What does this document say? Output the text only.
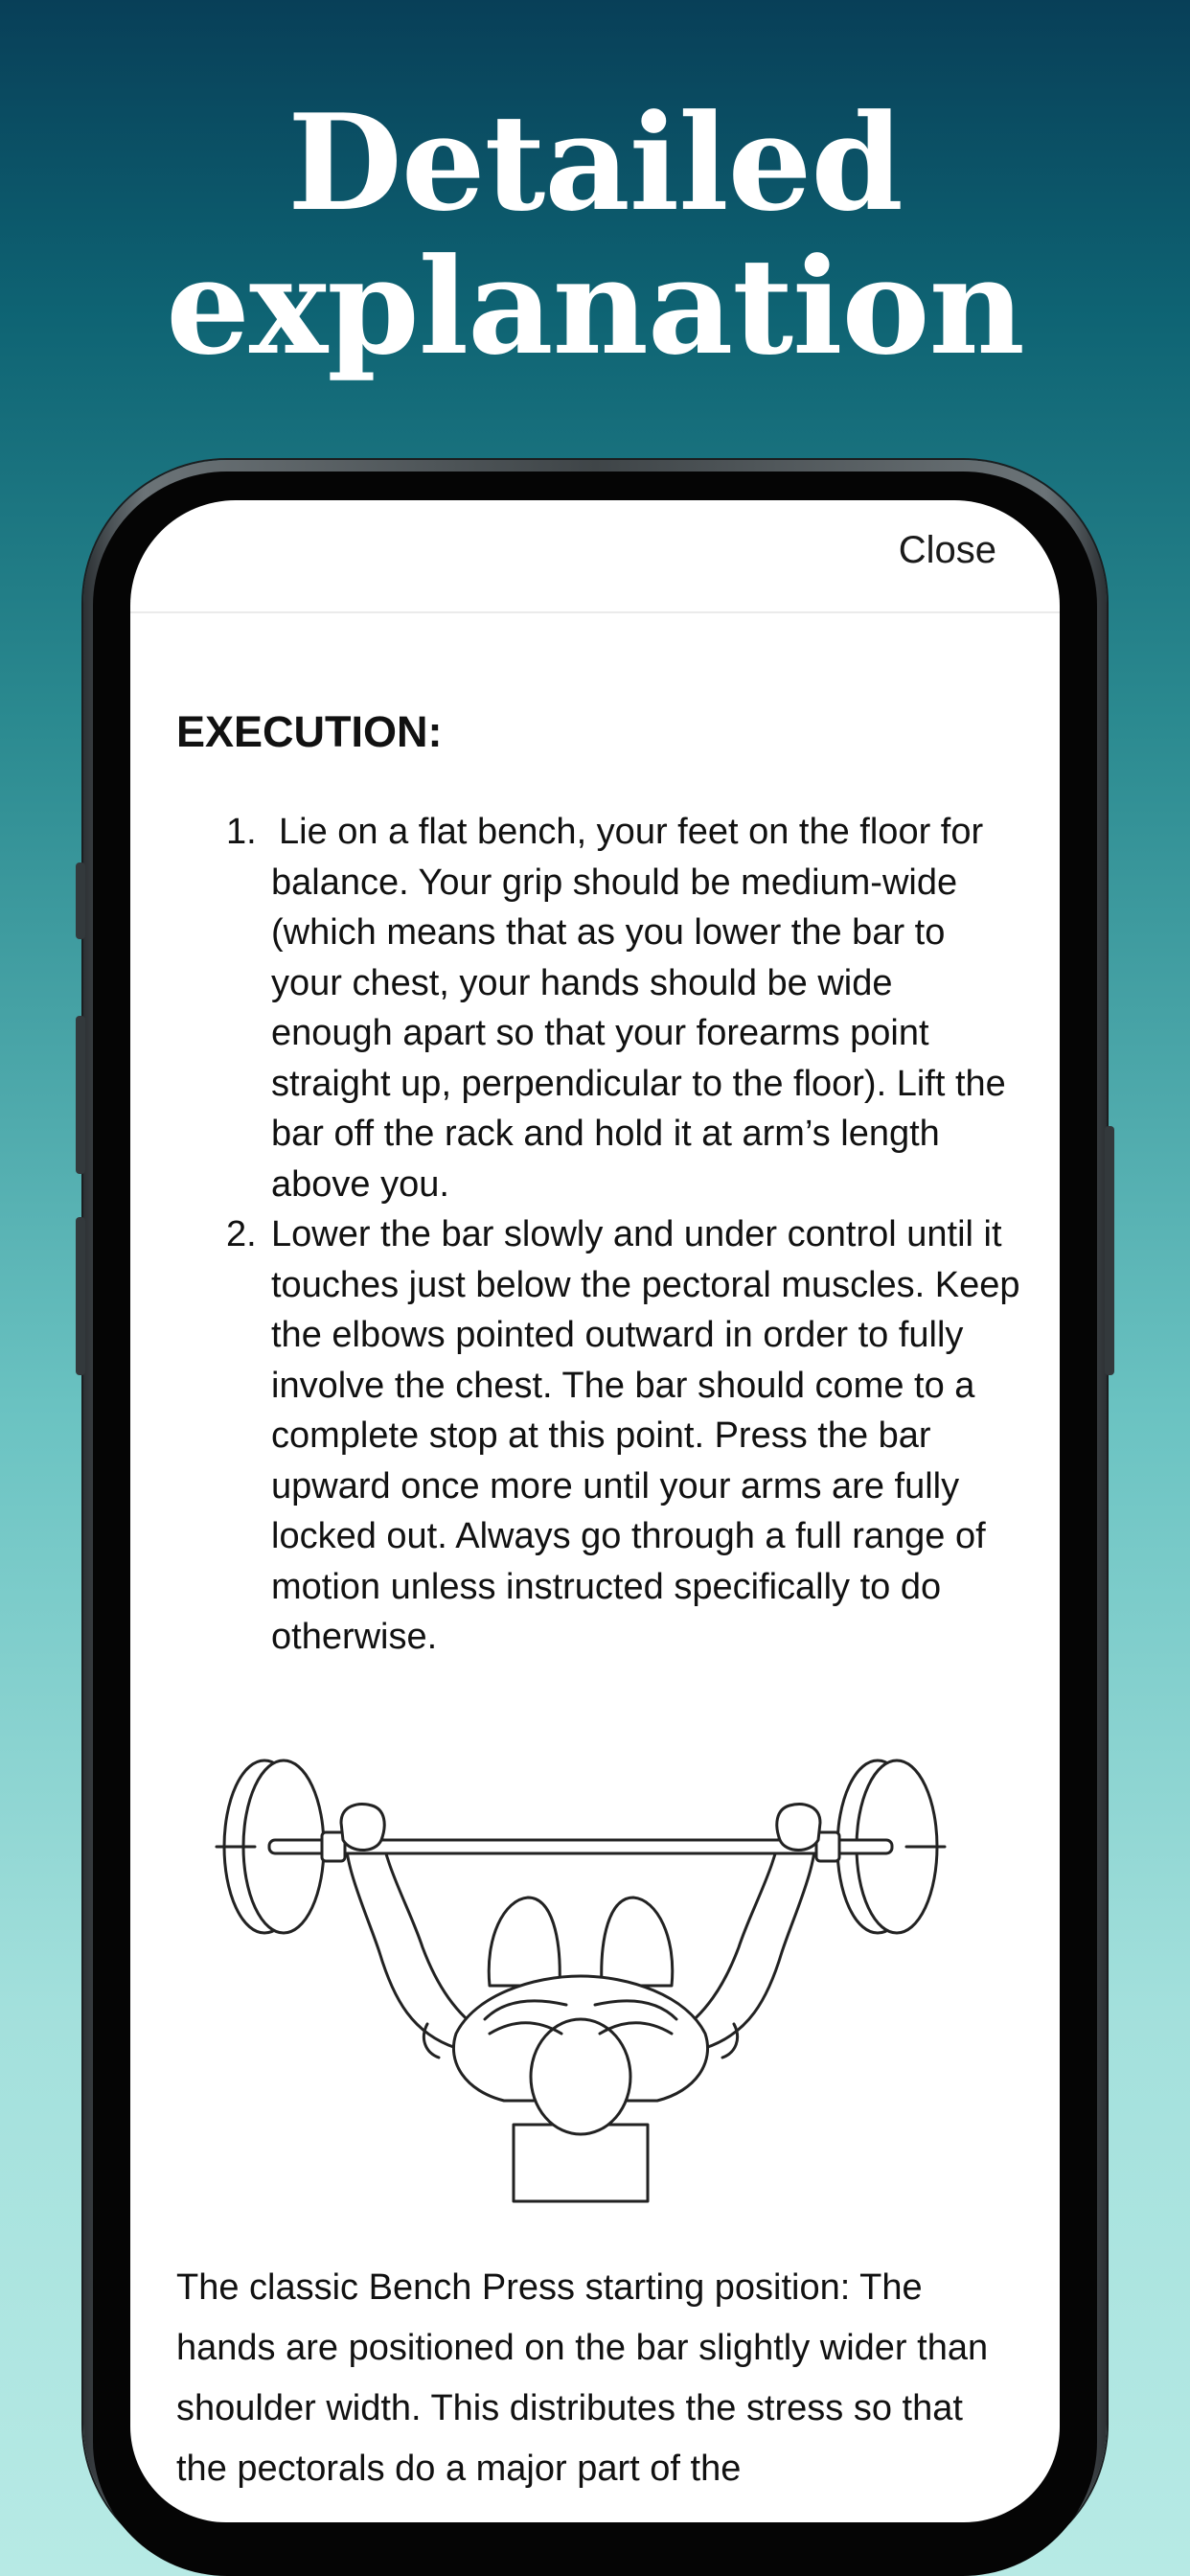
Detailed
explanation
Close
EXECUTION:
1. Lie on a flat bench, your feet on the floor for balance. Your grip should be medium-wide (which means that as you lower the bar to your chest, your hands should be wide enough apart so that your forearms point straight up, perpendicular to the floor). Lift the bar off the rack and hold it at arm’s length above you.
2. Lower the bar slowly and under control until it touches just below the pectoral muscles. Keep the elbows pointed outward in order to fully involve the chest. The bar should come to a complete stop at this point. Press the bar upward once more until your arms are fully locked out. Always go through a full range of motion unless instructed specifically to do otherwise.
The classic Bench Press starting position: The hands are positioned on the bar slightly wider than shoulder width. This distributes the stress so that the pectorals do a major part of the
